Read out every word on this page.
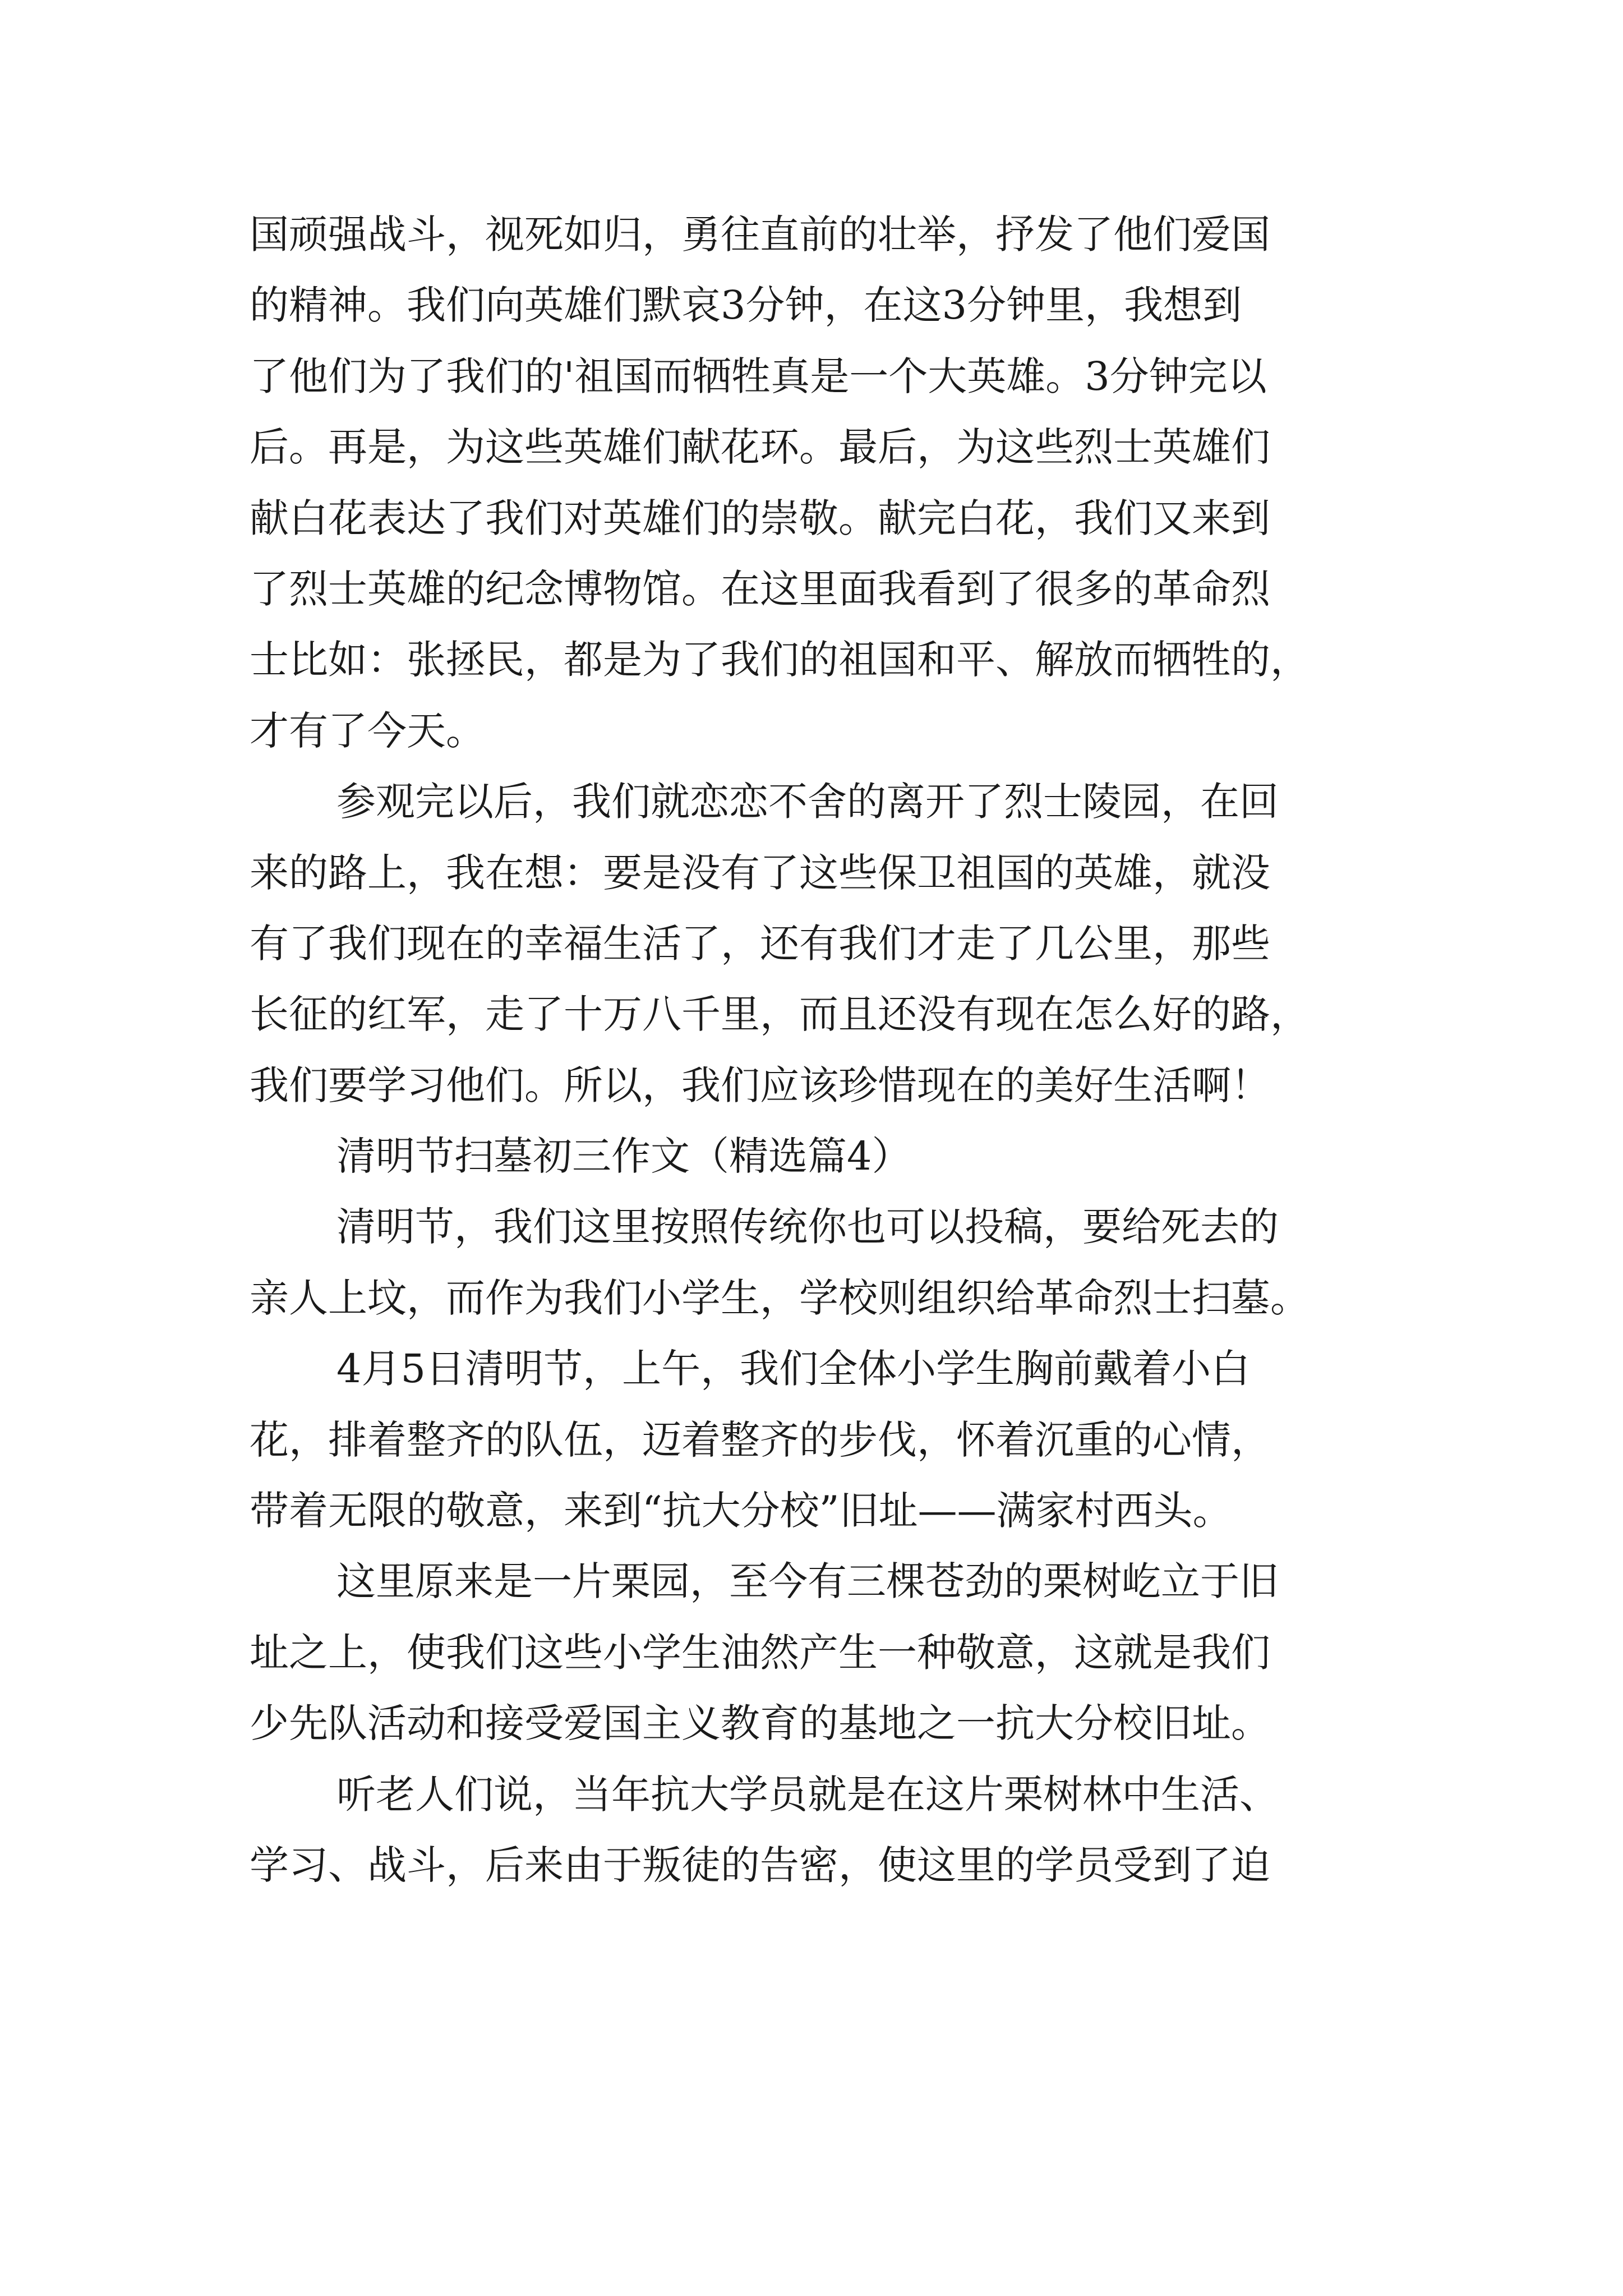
国顽强战斗，视死如归，勇往直前的壮举，抒发了他们爱国
的精神。我们向英雄们默哀3分钟，在这3分钟里，我想到
了他们为了我们的'祖国而牺牲真是一个大英雄。3分钟完以
后。再是，为这些英雄们献花环。最后，为这些烈士英雄们
献白花表达了我们对英雄们的崇敬。献完白花，我们又来到
了烈士英雄的纪念博物馆。在这里面我看到了很多的革命烈
士比如：张拯民，都是为了我们的祖国和平、解放而牺牲的，
才有了今天。
参观完以后，我们就恋恋不舍的离开了烈士陵园，在回
来的路上，我在想：要是没有了这些保卫祖国的英雄，就没
有了我们现在的幸福生活了，还有我们才走了几公里，那些
长征的红军，走了十万八千里，而且还没有现在怎么好的路，
我们要学习他们。所以，我们应该珍惜现在的美好生活啊！
清明节扫墓初三作文（精选篇4）
清明节，我们这里按照传统你也可以投稿，要给死去的
亲人上坟，而作为我们小学生，学校则组织给革命烈士扫墓。
4月5日清明节，上午，我们全体小学生胸前戴着小白
花，排着整齐的队伍，迈着整齐的步伐，怀着沉重的心情，
带着无限的敬意，来到“抗大分校”旧址——满家村西头。
这里原来是一片栗园，至今有三棵苍劲的栗树屹立于旧
址之上，使我们这些小学生油然产生一种敬意，这就是我们
少先队活动和接受爱国主义教育的基地之一抗大分校旧址。
听老人们说，当年抗大学员就是在这片栗树林中生活、
学习、战斗，后来由于叛徒的告密，使这里的学员受到了迫
